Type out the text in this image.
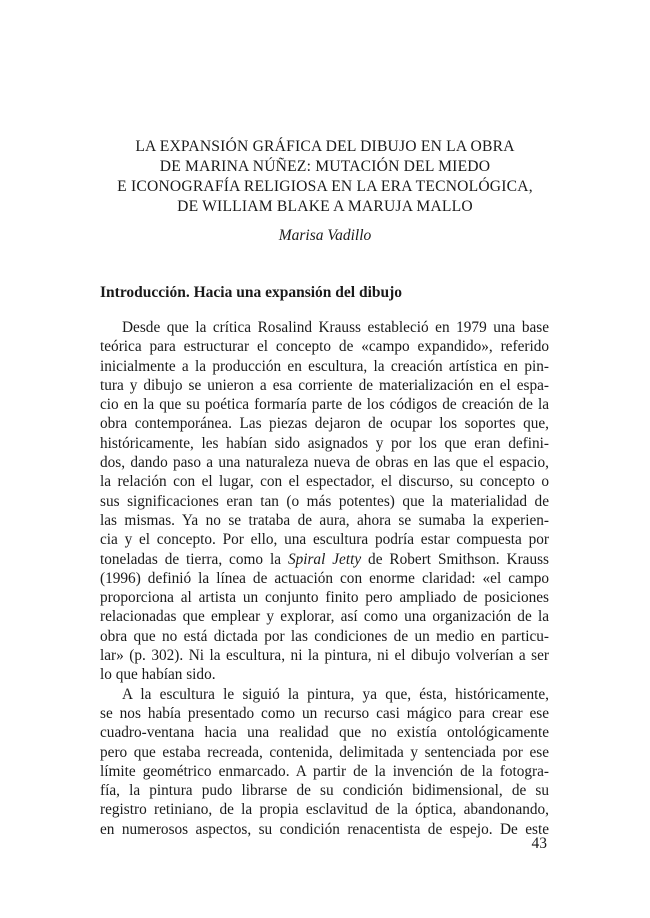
LA EXPANSIÓN GRÁFICA DEL DIBUJO EN LA OBRA
DE MARINA NÚÑEZ: MUTACIÓN DEL MIEDO
E ICONOGRAFÍA RELIGIOSA EN LA ERA TECNOLÓGICA,
DE WILLIAM BLAKE A MARUJA MALLO
Marisa Vadillo
Introducción. Hacia una expansión del dibujo
Desde que la crítica Rosalind Krauss estableció en 1979 una base
teórica para estructurar el concepto de «campo expandido», referido
inicialmente a la producción en escultura, la creación artística en pin-
tura y dibujo se unieron a esa corriente de materialización en el espa-
cio en la que su poética formaría parte de los códigos de creación de la
obra contemporánea. Las piezas dejaron de ocupar los soportes que,
históricamente, les habían sido asignados y por los que eran defini-
dos, dando paso a una naturaleza nueva de obras en las que el espacio,
la relación con el lugar, con el espectador, el discurso, su concepto o
sus significaciones eran tan (o más potentes) que la materialidad de
las mismas. Ya no se trataba de aura, ahora se sumaba la experien-
cia y el concepto. Por ello, una escultura podría estar compuesta por
toneladas de tierra, como la Spiral Jetty de Robert Smithson. Krauss
(1996) definió la línea de actuación con enorme claridad: «el campo
proporciona al artista un conjunto finito pero ampliado de posiciones
relacionadas que emplear y explorar, así como una organización de la
obra que no está dictada por las condiciones de un medio en particu-
lar» (p. 302). Ni la escultura, ni la pintura, ni el dibujo volverían a ser
lo que habían sido.
A la escultura le siguió la pintura, ya que, ésta, históricamente,
se nos había presentado como un recurso casi mágico para crear ese
cuadro-ventana hacia una realidad que no existía ontológicamente
pero que estaba recreada, contenida, delimitada y sentenciada por ese
límite geométrico enmarcado. A partir de la invención de la fotogra-
fía, la pintura pudo librarse de su condición bidimensional, de su
registro retiniano, de la propia esclavitud de la óptica, abandonando,
en numerosos aspectos, su condición renacentista de espejo. De este
43
